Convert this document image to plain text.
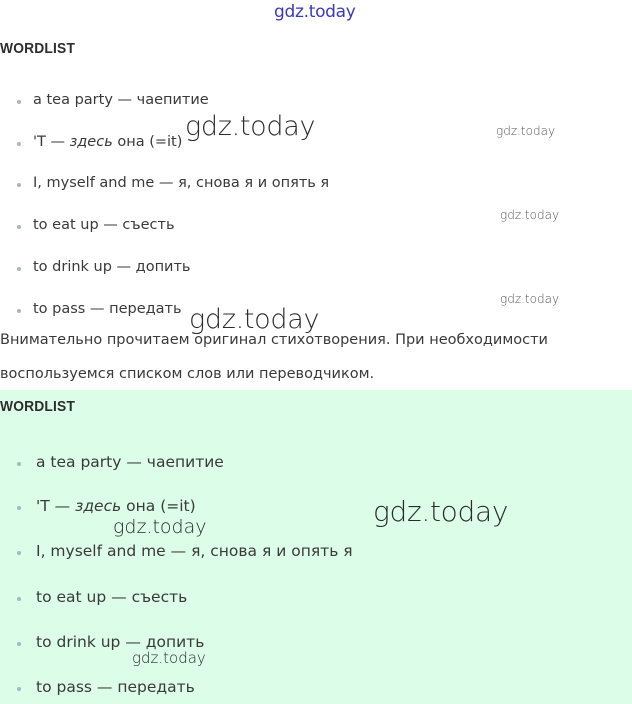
gdz.today
WORDLIST
a tea party — чаепитие
'T — здесь она (=it)
I, myself and me — я, снова я и опять я
to eat up — съесть
to drink up — допить
to pass — передать
Внимательно прочитаем оригинал стихотворения. При необходимости
воспользуемся списком слов или переводчиком.
WORDLIST
a tea party — чаепитие
'T — здесь она (=it)
I, myself and me — я, снова я и опять я
to eat up — съесть
to drink up — допить
to pass — передать
gdz.today	gdz.today
gdz.today
gdz.today
gdz.today
gdz.today
gdz.today
gdz.today
